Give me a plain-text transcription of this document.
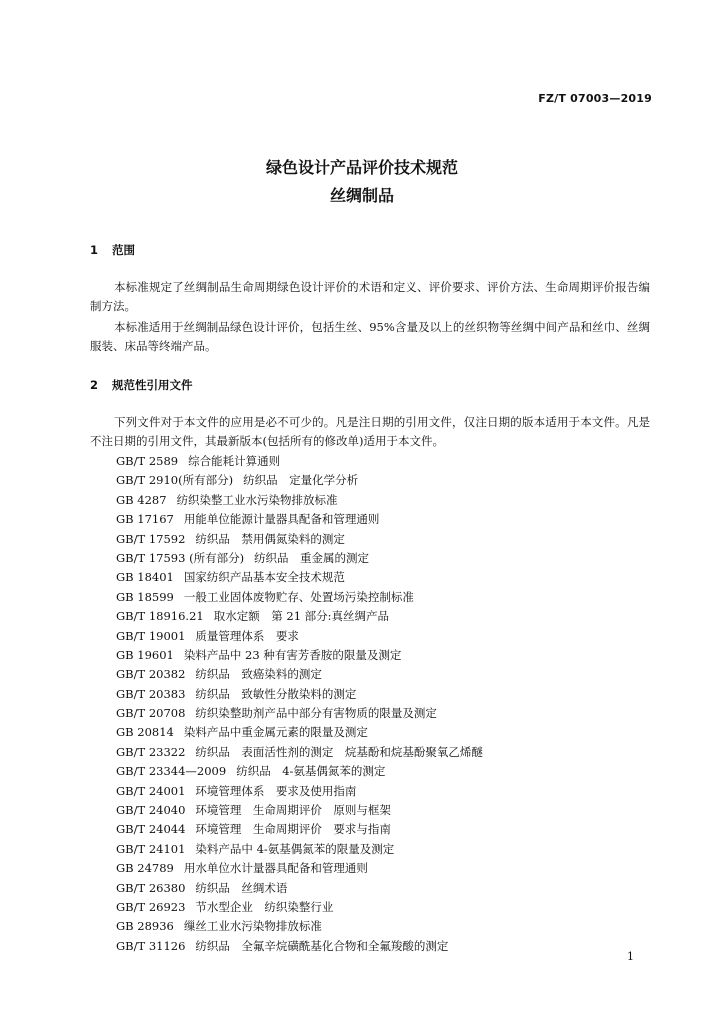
FZ/T 07003—2019
绿色设计产品评价技术规范
丝绸制品
1 范围
本标准规定了丝绸制品生命周期绿色设计评价的术语和定义、评价要求、评价方法、生命周期评价报告编制方法。
本标准适用于丝绸制品绿色设计评价，包括生丝、95%含量及以上的丝织物等丝绸中间产品和丝巾、丝绸服装、床品等终端产品。
2 规范性引用文件
下列文件对于本文件的应用是必不可少的。凡是注日期的引用文件，仅注日期的版本适用于本文件。凡是不注日期的引用文件，其最新版本(包括所有的修改单)适用于本文件。
GB/T 2589 综合能耗计算通则
GB/T 2910(所有部分) 纺织品　定量化学分析
GB 4287 纺织染整工业水污染物排放标准
GB 17167 用能单位能源计量器具配备和管理通则
GB/T 17592 纺织品　禁用偶氮染料的测定
GB/T 17593 (所有部分) 纺织品　重金属的测定
GB 18401 国家纺织产品基本安全技术规范
GB 18599 一般工业固体废物贮存、处置场污染控制标准
GB/T 18916.21 取水定额　第 21 部分:真丝绸产品
GB/T 19001 质量管理体系　要求
GB 19601 染料产品中 23 种有害芳香胺的限量及测定
GB/T 20382 纺织品　致癌染料的测定
GB/T 20383 纺织品　致敏性分散染料的测定
GB/T 20708 纺织染整助剂产品中部分有害物质的限量及测定
GB 20814 染料产品中重金属元素的限量及测定
GB/T 23322 纺织品　表面活性剂的测定　烷基酚和烷基酚聚氧乙烯醚
GB/T 23344—2009 纺织品　4-氨基偶氮苯的测定
GB/T 24001 环境管理体系　要求及使用指南
GB/T 24040 环境管理　生命周期评价　原则与框架
GB/T 24044 环境管理　生命周期评价　要求与指南
GB/T 24101 染料产品中 4-氨基偶氮苯的限量及测定
GB 24789 用水单位水计量器具配备和管理通则
GB/T 26380 纺织品　丝绸术语
GB/T 26923 节水型企业　纺织染整行业
GB 28936 缫丝工业水污染物排放标准
GB/T 31126 纺织品　全氟辛烷磺酰基化合物和全氟羧酸的测定
1
